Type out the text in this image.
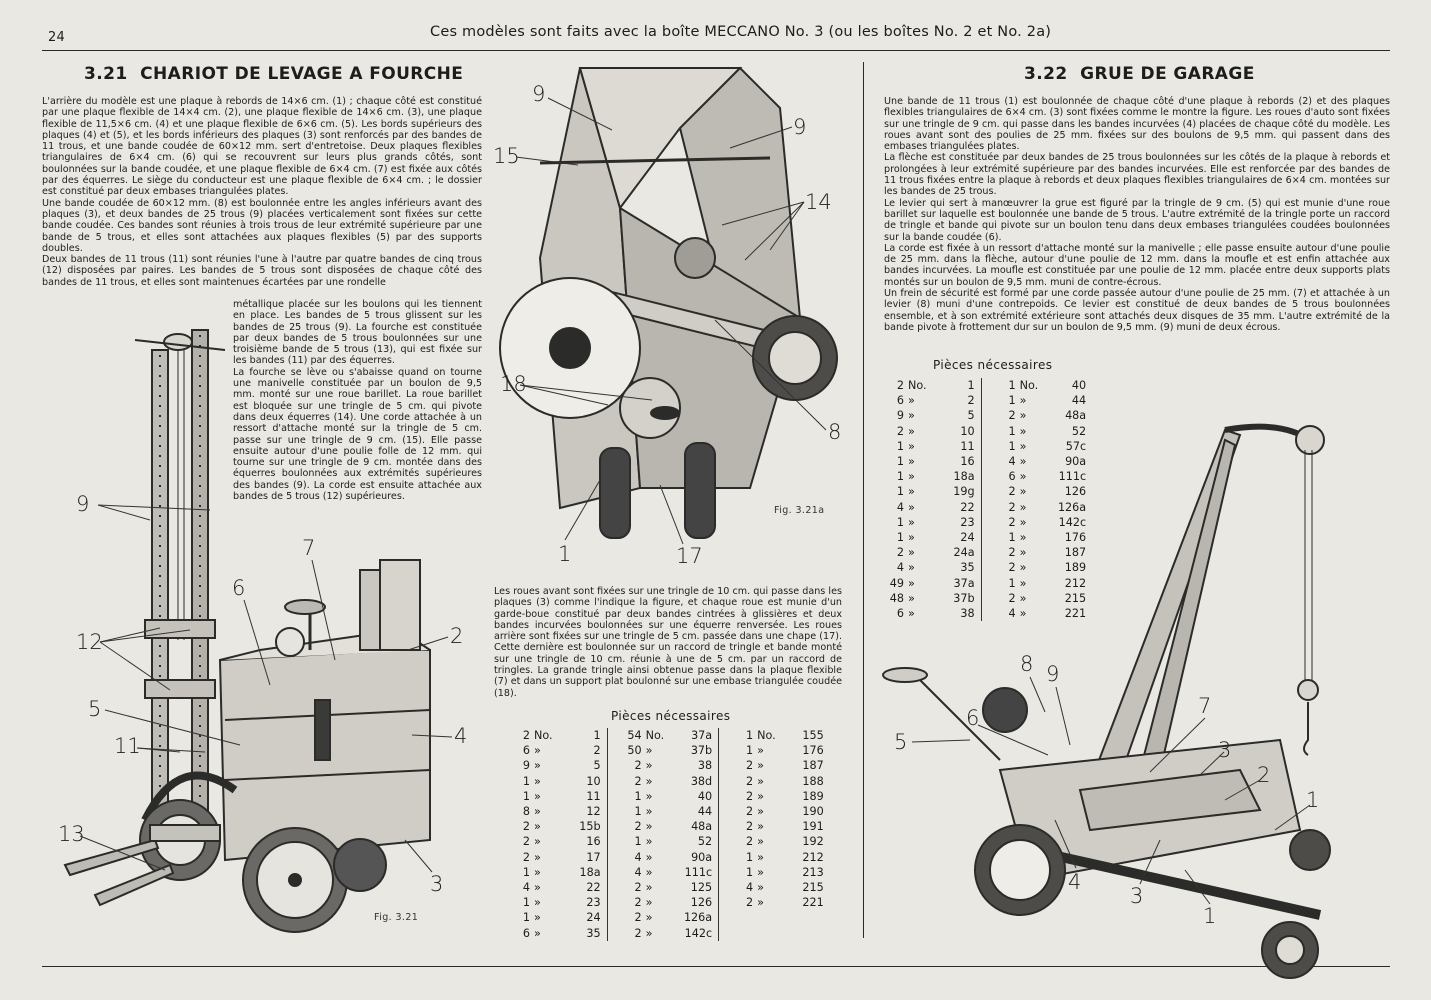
24	Ces modèles sont faits avec la boîte MECCANO No. 3 (ou les boîtes No. 2 et No. 2a)
3.21  CHARIOT DE LEVAGE A FOURCHE

L'arrière du modèle est une plaque à rebords de 14×6 cm. (1) ; chaque côté est constitué par une plaque flexible de 14×4 cm. (2), une plaque flexible de 14×6 cm. (3), une plaque flexible de 11,5×6 cm. (4) et une plaque flexible de 6×6 cm. (5). Les bords supérieurs des plaques (4) et (5), et les bords inférieurs des plaques (3) sont renforcés par des bandes de 11 trous, et une bande coudée de 60×12 mm. sert d'entretoise. Deux plaques flexibles triangulaires de 6×4 cm. (6) qui se recouvrent sur leurs plus grands côtés, sont boulonnées sur la bande coudée, et une plaque flexible de 6×4 cm. (7) est fixée aux côtés par des équerres. Le siège du conducteur est une plaque flexible de 6×4 cm. ; le dossier est constitué par deux embases triangulées plates.

Une bande coudée de 60×12 mm. (8) est boulonnée entre les angles inférieurs avant des plaques (3), et deux bandes de 25 trous (9) placées verticalement sont fixées sur cette bande coudée. Ces bandes sont réunies à trois trous de leur extrémité supérieure par une bande de 5 trous, et elles sont attachées aux plaques flexibles (5) par des supports doubles.

Deux bandes de 11 trous (11) sont réunies l'une à l'autre par quatre bandes de cinq trous (12) disposées par paires. Les bandes de 5 trous sont disposées de chaque côté des bandes de 11 trous, et elles sont maintenues écartées par une rondelle

métallique placée sur les boulons qui les tiennent en place. Les bandes de 5 trous glissent sur les bandes de 25 trous (9). La fourche est constituée par deux bandes de 5 trous boulonnées sur une troisième bande de 5 trous (13), qui est fixée sur les bandes (11) par des équerres.

La fourche se lève ou s'abaisse quand on tourne une manivelle constituée par un boulon de 9,5 mm. monté sur une roue barillet. La roue barillet est bloquée sur une tringle de 5 cm. qui pivote dans deux équerres (14). Une corde attachée à un ressort d'attache monté sur la tringle de 5 cm. passe sur une tringle de 9 cm. (15). Elle passe ensuite autour d'une poulie folle de 12 mm. qui tourne sur une tringle de 9 cm. montée dans des équerres boulonnées aux extrémités supérieures des bandes (9). La corde est ensuite attachée aux bandes de 5 trous (12) supérieures.

Fig. 3.21
9
12
5
11
13
6
7
2
4
3
Fig. 3.21a
9
9
15
14
18
8
1	17

Les roues avant sont fixées sur une tringle de 10 cm. qui passe dans les plaques (3) comme l'indique la figure, et chaque roue est munie d'un garde-boue constitué par deux bandes cintrées à glissières et deux bandes incurvées boulonnées sur une équerre renversée. Les roues arrière sont fixées sur une tringle de 5 cm. passée dans une chape (17). Cette dernière est boulonnée sur un raccord de tringle et bande monté sur une tringle de 10 cm. réunie à une de 5 cm. par un raccord de tringles. La grande tringle ainsi obtenue passe dans la plaque flexible (7) et dans un support plat boulonné sur une embase triangulée coudée (18).

Pièces nécessaires
2	No.	1			54	No.	37a			1	No.	155
6	»	2			50	»	37b			1	»	176
9	»	5			2	»	38			2	»	187
1	»	10			2	»	38d			2	»	188
1	»	11			1	»	40			2	»	189
8	»	12			1	»	44			2	»	190
2	»	15b			2	»	48a			2	»	191
2	»	16			1	»	52			2	»	192
2	»	17			4	»	90a			1	»	212
1	»	18a			4	»	111c			1	»	213
4	»	22			2	»	125			4	»	215
1	»	23			2	»	126			2	»	221
1	»	24			2	»	126a					
6	»	35			2	»	142c					
3.22  GRUE DE GARAGE

Une bande de 11 trous (1) est boulonnée de chaque côté d'une plaque à rebords (2) et des plaques flexibles triangulaires de 6×4 cm. (3) sont fixées comme le montre la figure. Les roues d'auto sont fixées sur une tringle de 9 cm. qui passe dans les bandes incurvées (4) placées de chaque côté du modèle. Les roues avant sont des poulies de 25 mm. fixées sur des boulons de 9,5 mm. qui passent dans des embases triangulées plates.

La flèche est constituée par deux bandes de 25 trous boulonnées sur les côtés de la plaque à rebords et prolongées à leur extrémité supérieure par des bandes incurvées. Elle est renforcée par des bandes de 11 trous fixées entre la plaque à rebords et deux plaques flexibles triangulaires de 6×4 cm. montées sur les bandes de 25 trous.

Le levier qui sert à manœuvrer la grue est figuré par la tringle de 9 cm. (5) qui est munie d'une roue barillet sur laquelle est boulonnée une bande de 5 trous. L'autre extrémité de la tringle porte un raccord de tringle et bande qui pivote sur un boulon tenu dans deux embases triangulées coudées boulonnées sur la bande coudée (6).

La corde est fixée à un ressort d'attache monté sur la manivelle ; elle passe ensuite autour d'une poulie de 25 mm. dans la flèche, autour d'une poulie de 12 mm. dans la moufle et est enfin attachée aux bandes incurvées. La moufle est constituée par une poulie de 12 mm. placée entre deux supports plats montés sur un boulon de 9,5 mm. muni de contre-écrous.

Un frein de sécurité est formé par une corde passée autour d'une poulie de 25 mm. (7) et attachée à un levier (8) muni d'une contrepoids. Ce levier est constitué de deux bandes de 5 trous boulonnées ensemble, et à son extrémité extérieure sont attachés deux disques de 35 mm. L'autre extrémité de la bande pivote à frottement dur sur un boulon de 9,5 mm. (9) muni de deux écrous.

Pièces nécessaires
2	No.	1			1	No.	40
6	»	2			1	»	44
9	»	5			2	»	48a
2	»	10			1	»	52
1	»	11			1	»	57c
1	»	16			4	»	90a
1	»	18a			6	»	111c
1	»	19g			2	»	126
4	»	22			2	»	126a
1	»	23			2	»	142c
1	»	24			1	»	176
2	»	24a			2	»	187
4	»	35			2	»	189
49	»	37a			1	»	212
48	»	37b			2	»	215
6	»	38			4	»	221
8 9
6
5
7
3
2
1
4
3
1
